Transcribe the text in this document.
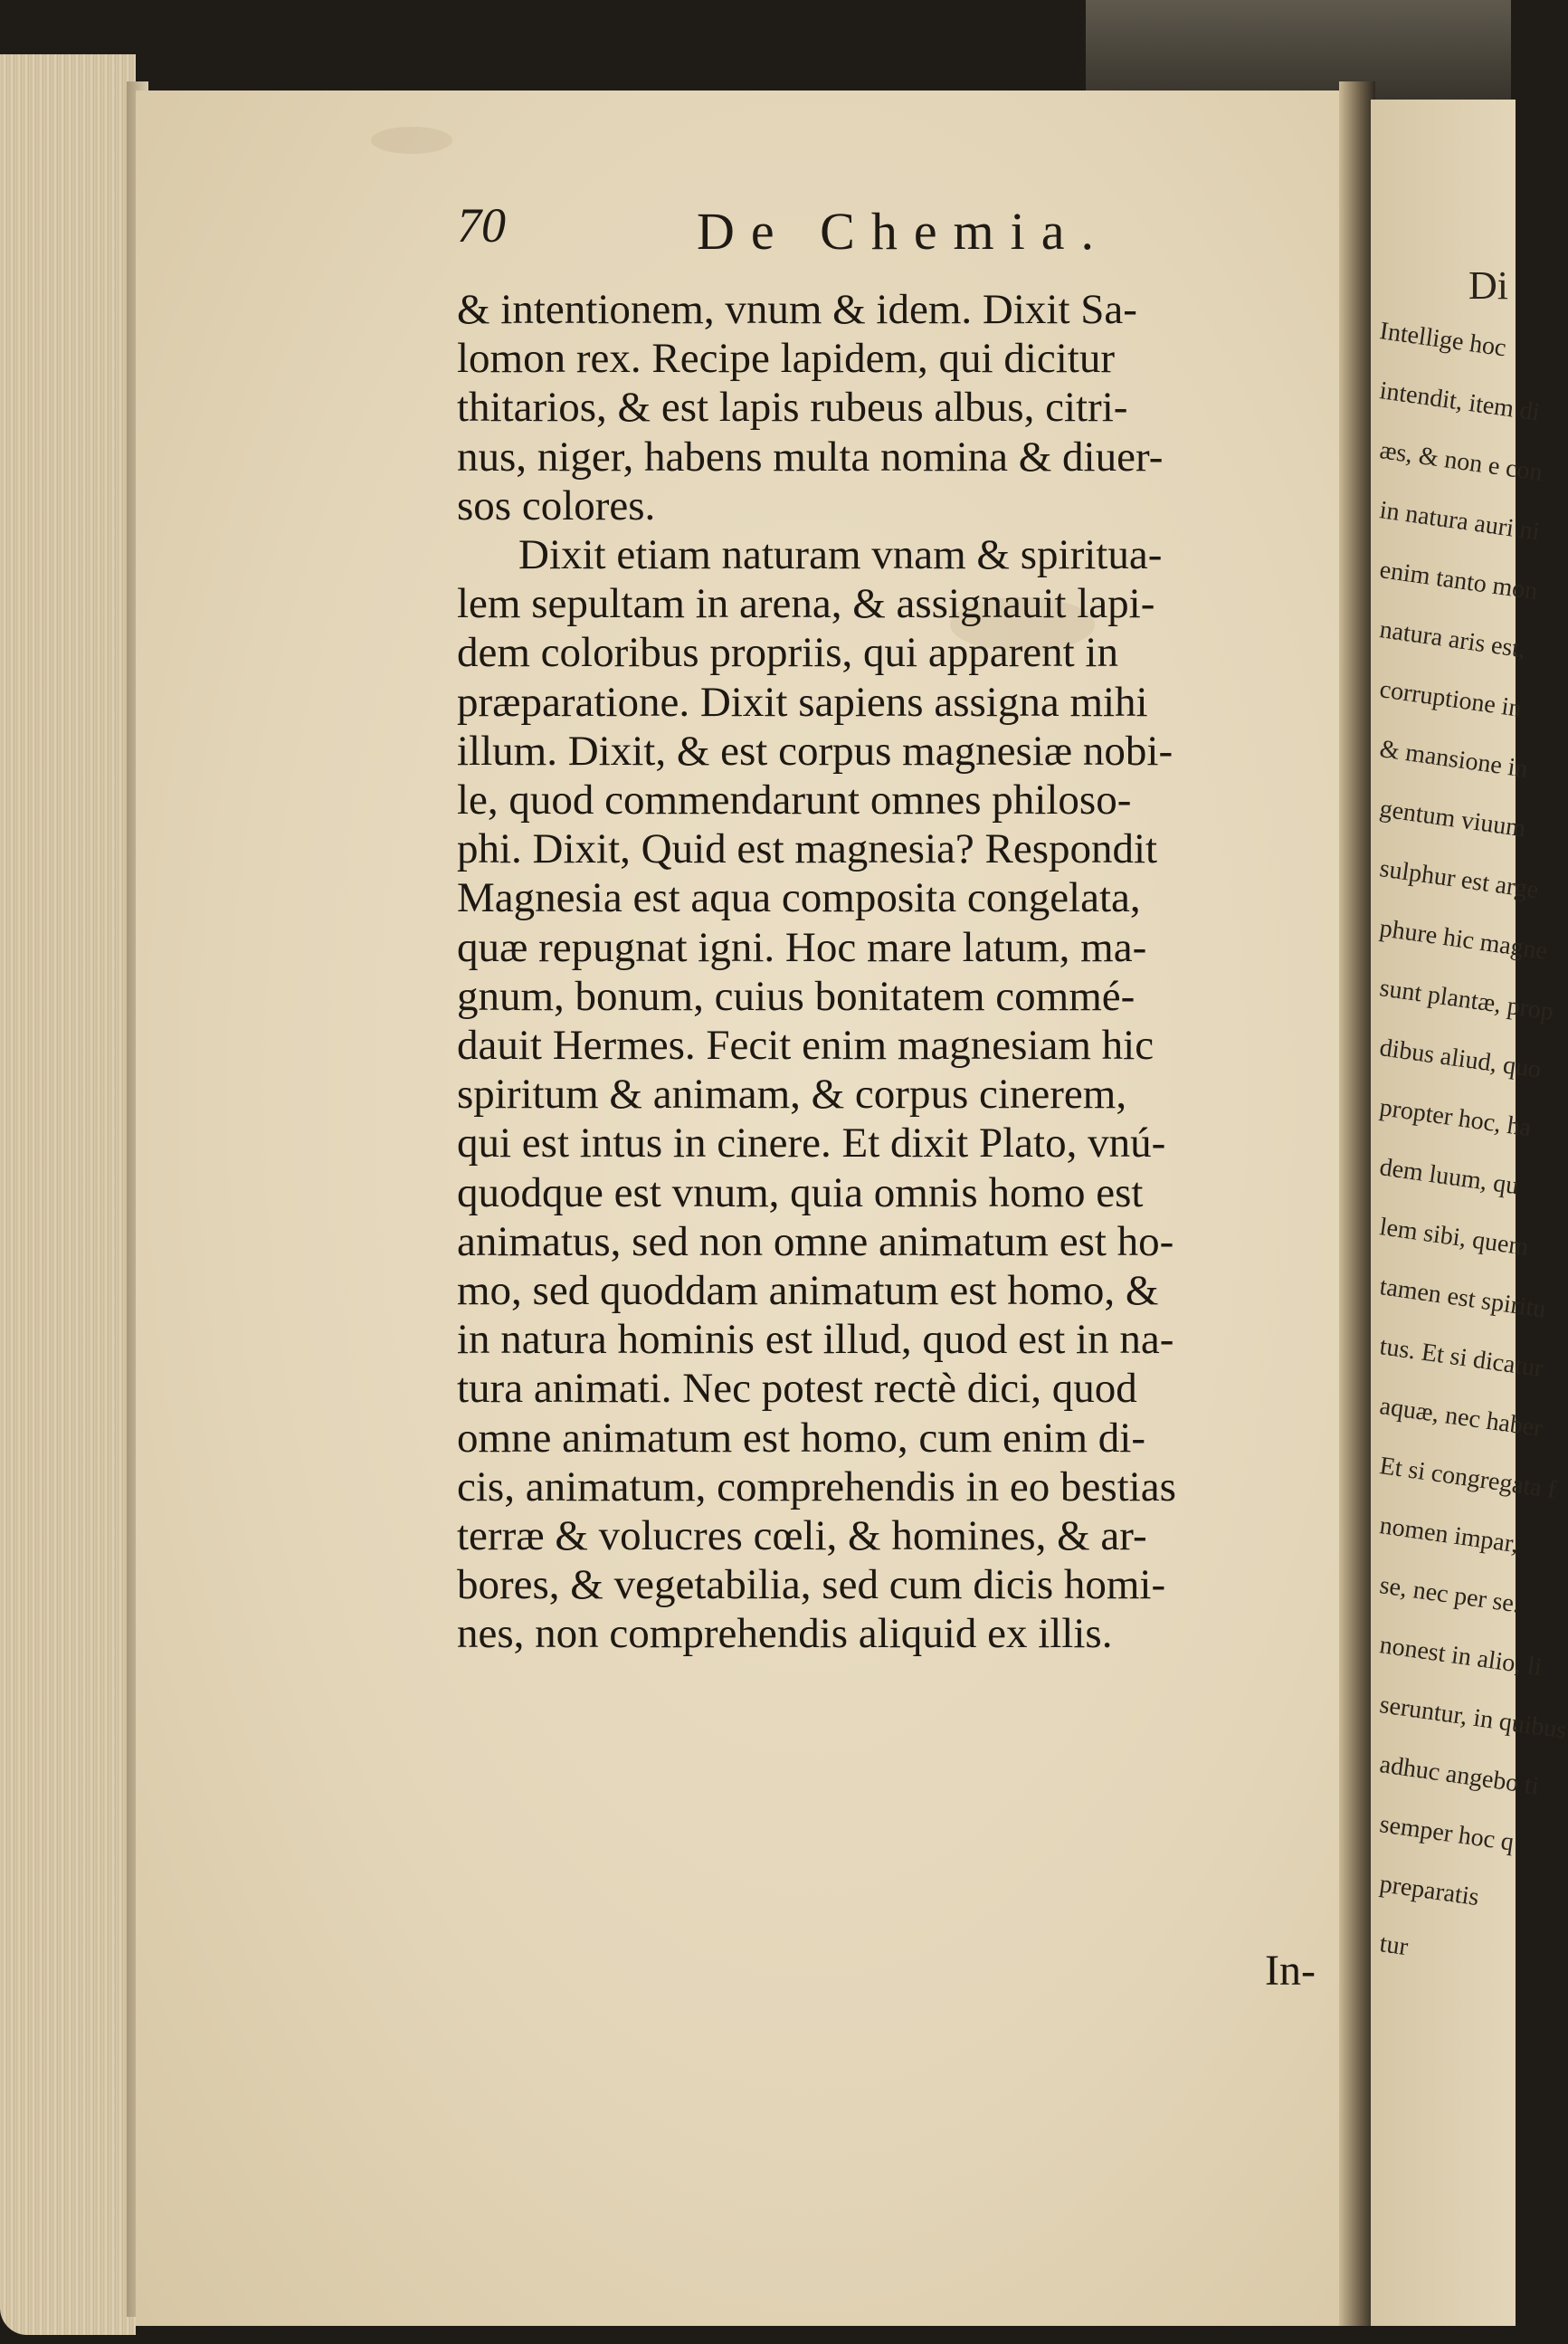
Di
Intellige hoc
intendit, item di
æs, & non e con
in natura auri ni
enim tanto mon
natura aris est,
corruptione in
& mansione in
gentum viuum
sulphur est arge
phure hic magne
sunt plantæ, prop
dibus aliud, quo
propter hoc, ha
dem luum, qu
lem sibi, quem
tamen est spiritu
tus. Et si dicatur
aquæ, nec haber
Et si congregata f
nomen impar,
se, nec per se.
nonest in alio, li
seruntur, in quibus
adhuc angebo ti
semper hoc q
preparatis
tur
70	De Chemia.
& intentionem, vnum & idem. Dixit Sa-
lomon rex. Recipe lapidem, qui dicitur
thitarios, & est lapis rubeus albus, citri-
nus, niger, habens multa nomina & diuer-
sos colores.
Dixit etiam naturam vnam & spiritua-
lem sepultam in arena, & assignauit lapi-
dem coloribus propriis, qui apparent in
præparatione. Dixit sapiens assigna mihi
illum. Dixit, & est corpus magnesiæ nobi-
le, quod commendarunt omnes philoso-
phi. Dixit, Quid est magnesia? Respondit
Magnesia est aqua composita congelata,
quæ repugnat igni. Hoc mare latum, ma-
gnum, bonum, cuius bonitatem commé-
dauit Hermes. Fecit enim magnesiam hic
spiritum & animam, & corpus cinerem,
qui est intus in cinere. Et dixit Plato, vnú-
quodque est vnum, quia omnis homo est
animatus, sed non omne animatum est ho-
mo, sed quoddam animatum est homo, &
in natura hominis est illud, quod est in na-
tura animati. Nec potest rectè dici, quod
omne animatum est homo, cum enim di-
cis, animatum, comprehendis in eo bestias
terræ & volucres cœli, & homines, & ar-
bores, & vegetabilia, sed cum dicis homi-
nes, non comprehendis aliquid ex illis.
In-
